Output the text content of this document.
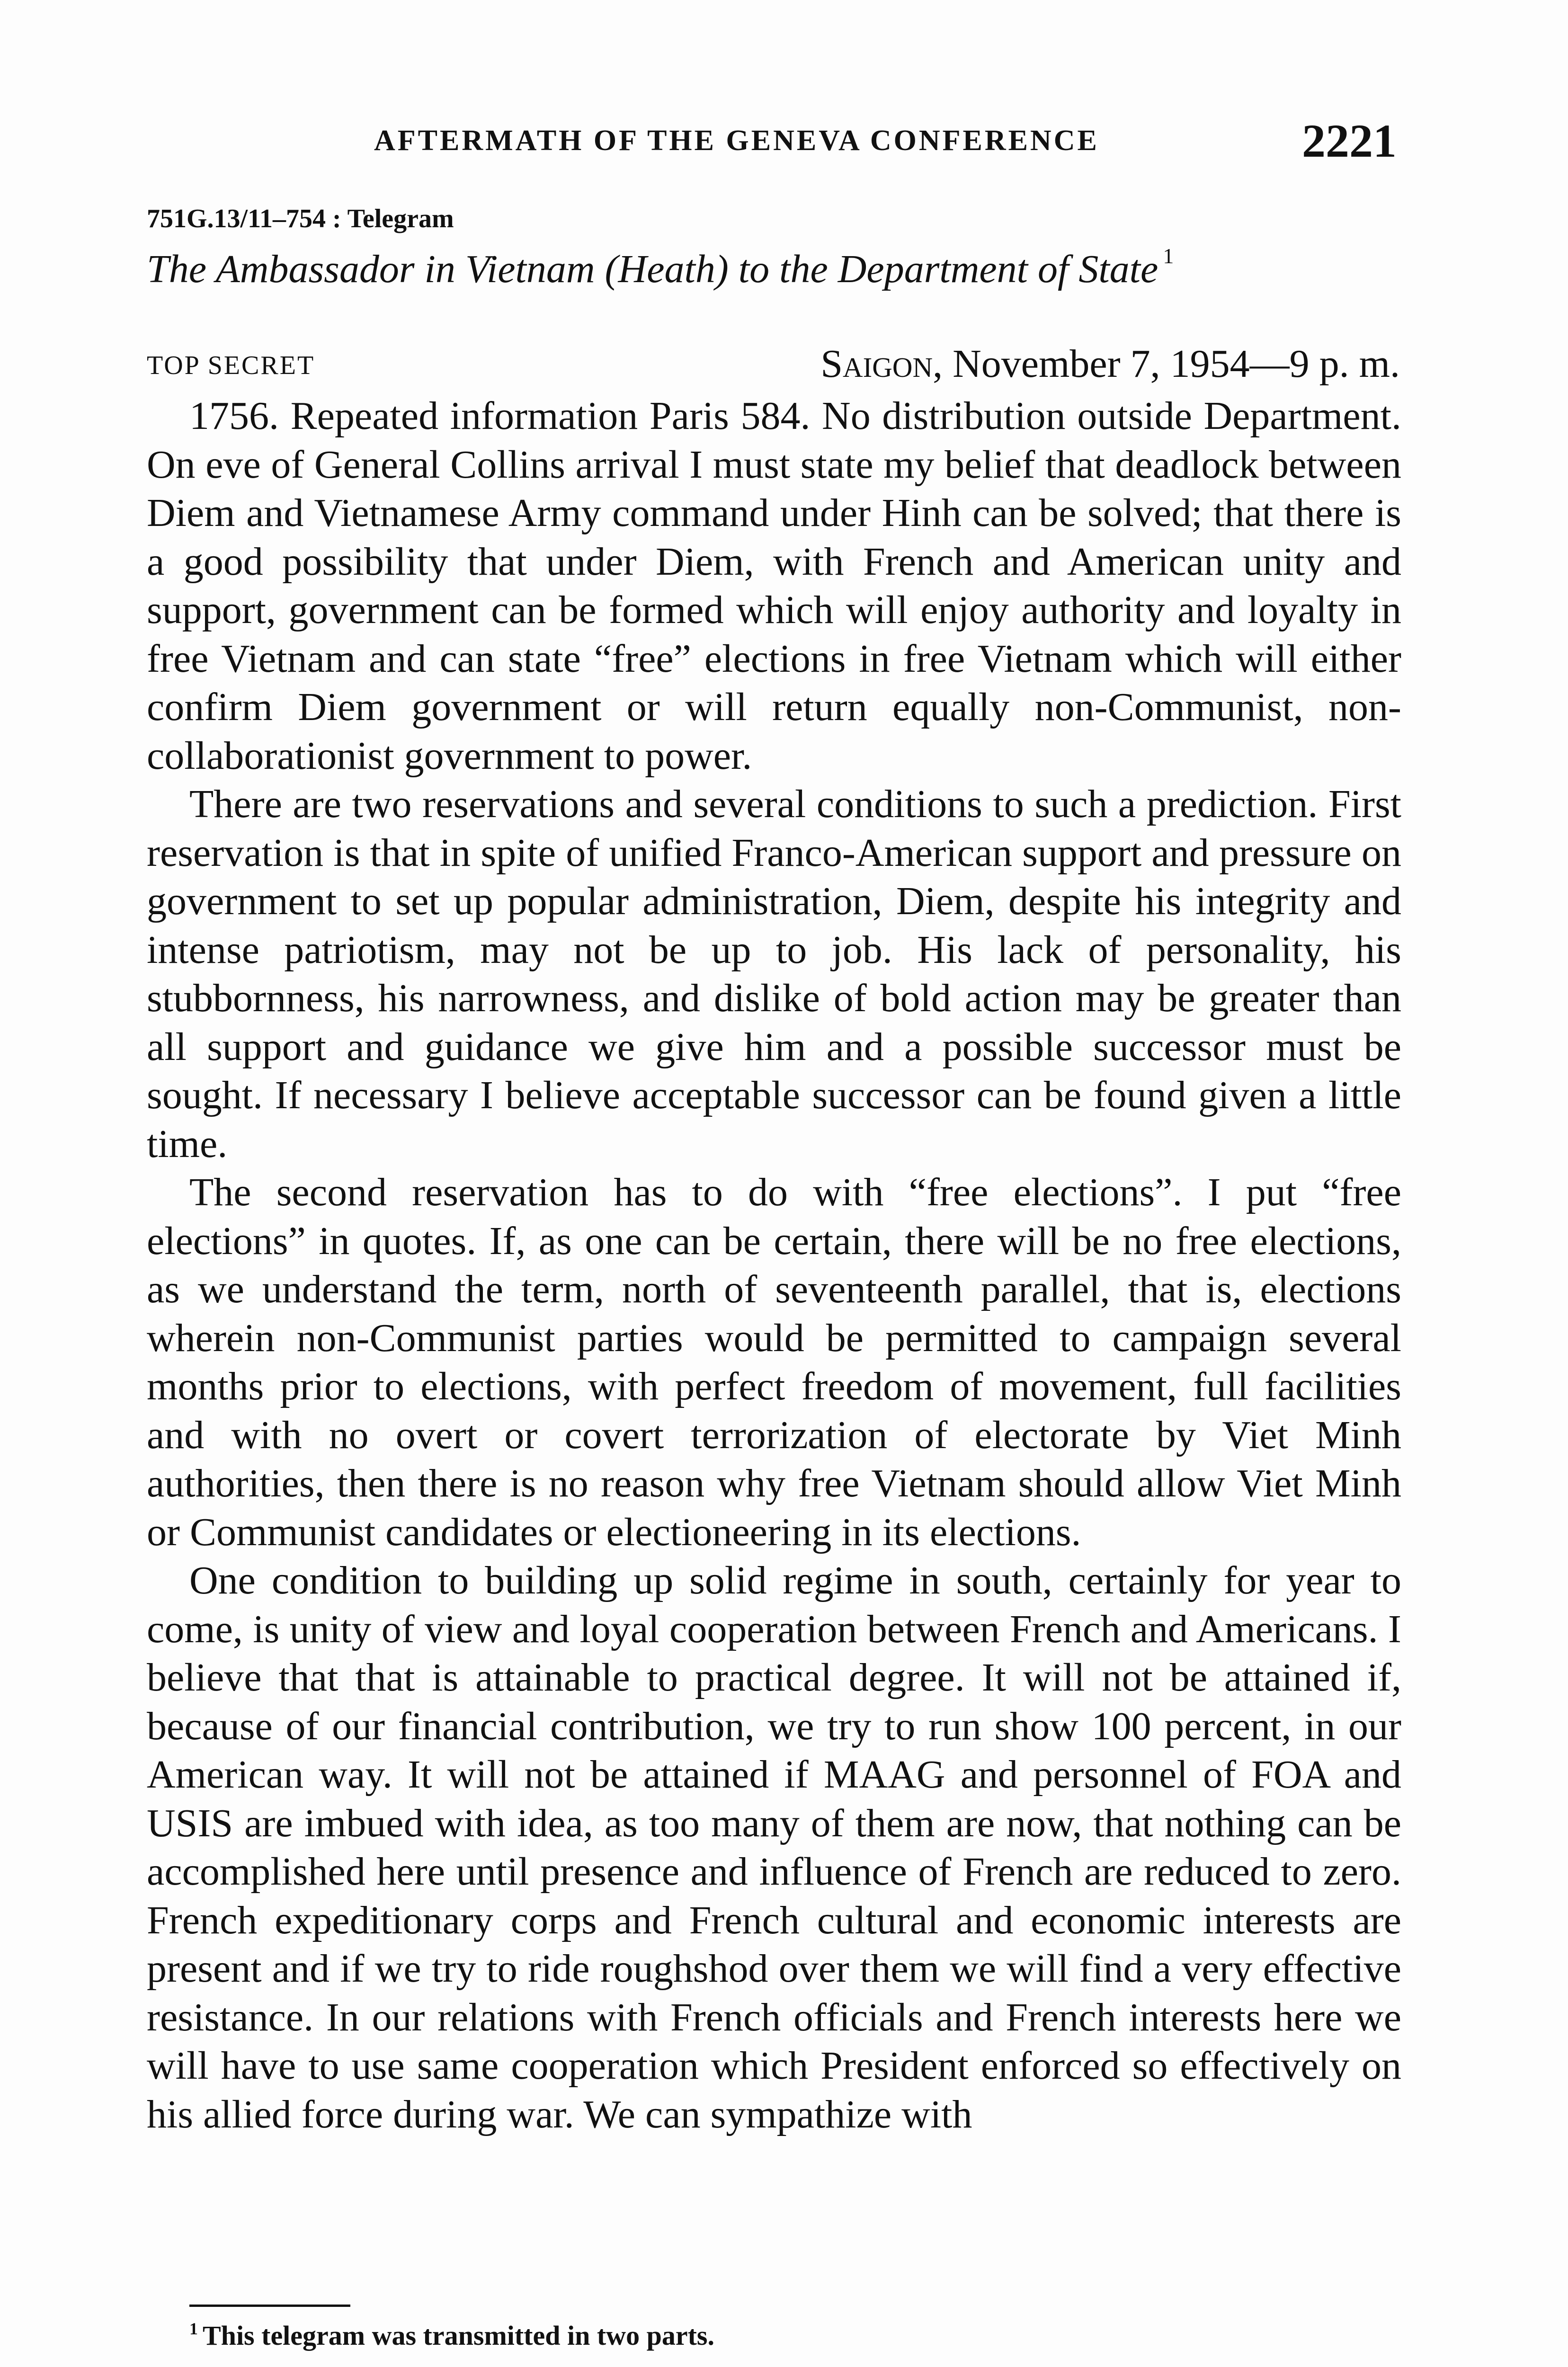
AFTERMATH OF THE GENEVA CONFERENCE	2221
751G.13/11–754 : Telegram
The Ambassador in Vietnam (Heath) to the Department of State $^1$
TOP SECRET	Saigon, November 7, 1954—9 p. m.

1756. Repeated information Paris 584. No distribution outside Department. On eve of General Collins arrival I must state my belief that deadlock between Diem and Vietnamese Army command under Hinh can be solved; that there is a good possibility that under Diem, with French and American unity and support, government can be formed which will enjoy authority and loyalty in free Vietnam and can state “free” elections in free Vietnam which will either confirm Diem government or will return equally non-Communist, non-collaborationist government to power.

There are two reservations and several conditions to such a prediction. First reservation is that in spite of unified Franco-American support and pressure on government to set up popular administration, Diem, despite his integrity and intense patriotism, may not be up to job. His lack of personality, his stubbornness, his narrowness, and dislike of bold action may be greater than all support and guidance we give him and a possible successor must be sought. If necessary I believe acceptable successor can be found given a little time.

The second reservation has to do with “free elections”. I put “free elections” in quotes. If, as one can be certain, there will be no free elections, as we understand the term, north of seventeenth parallel, that is, elections wherein non-Communist parties would be permitted to campaign several months prior to elections, with perfect freedom of movement, full facilities and with no overt or covert terrorization of electorate by Viet Minh authorities, then there is no reason why free Vietnam should allow Viet Minh or Communist candidates or electioneering in its elections.

One condition to building up solid regime in south, certainly for year to come, is unity of view and loyal cooperation between French and Americans. I believe that that is attainable to practical degree. It will not be attained if, because of our financial contribution, we try to run show 100 percent, in our American way. It will not be attained if MAAG and personnel of FOA and USIS are imbued with idea, as too many of them are now, that nothing can be accomplished here until presence and influence of French are reduced to zero. French expeditionary corps and French cultural and economic interests are present and if we try to ride roughshod over them we will find a very effective resistance. In our relations with French officials and French interests here we will have to use same cooperation which President enforced so effectively on his allied force during war. We can sympathize with

$^1$ This telegram was transmitted in two parts.
